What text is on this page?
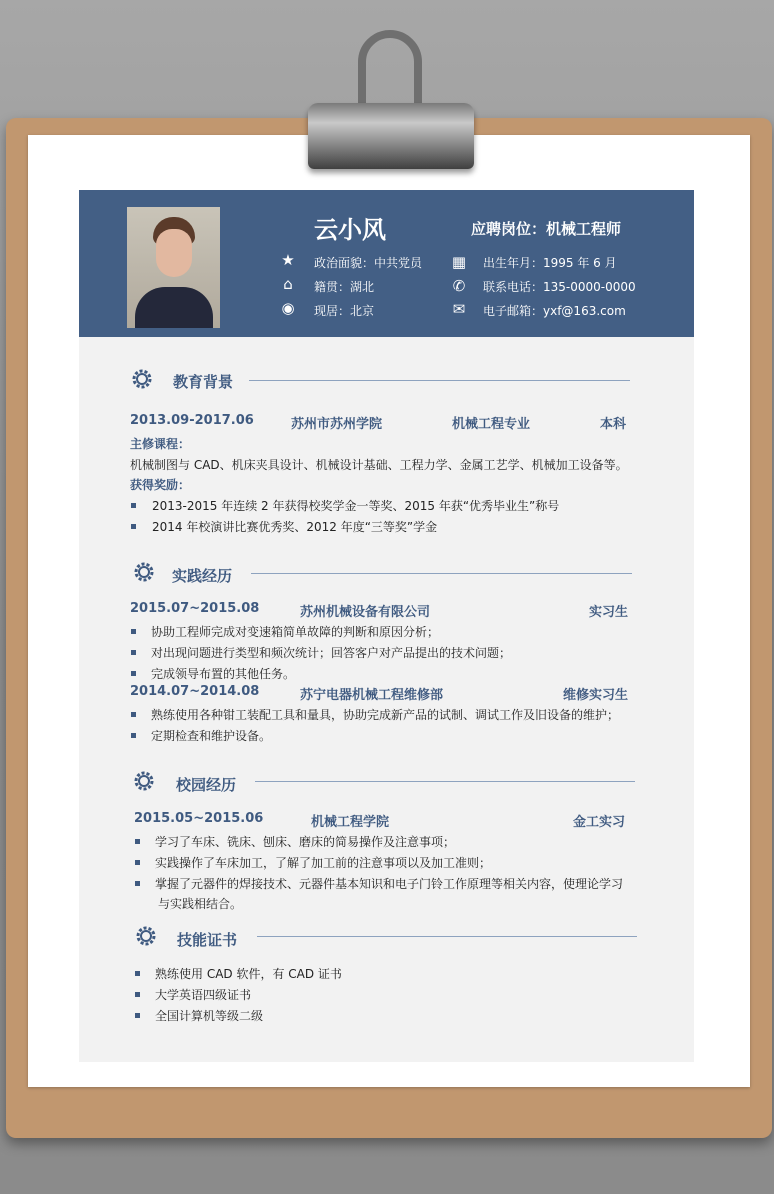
云小风	应聘岗位：机械工程师
★ 政治面貌：中共党员
⌂	籍贯：湖北
◉ 现居：北京
▦ 出生年月：1995 年 6 月
✆ 联系电话：135-0000-0000
✉ 电子邮箱：yxf@163.com
教育背景
2013.09-2017.06	苏州市苏州学院	机械工程专业	本科
主修课程：
机械制图与 CAD、机床夹具设计、机械设计基础、工程力学、金属工艺学、机械加工设备等。
获得奖励：
2013-2015 年连续 2 年获得校奖学金一等奖、2015 年获“优秀毕业生”称号
2014 年校演讲比赛优秀奖、2012 年度“三等奖”学金
实践经历
2015.07~2015.08	苏州机械设备有限公司	实习生
协助工程师完成对变速箱简单故障的判断和原因分析；
对出现问题进行类型和频次统计；回答客户对产品提出的技术问题；
完成领导布置的其他任务。
2014.07~2014.08	苏宁电器机械工程维修部	维修实习生
熟练使用各种钳工装配工具和量具，协助完成新产品的试制、调试工作及旧设备的维护；
定期检查和维护设备。
校园经历
2015.05~2015.06	机械工程学院	金工实习
学习了车床、铣床、刨床、磨床的简易操作及注意事项；
实践操作了车床加工，了解了加工前的注意事项以及加工准则；
掌握了元器件的焊接技术、元器件基本知识和电子门铃工作原理等相关内容，使理论学习
与实践相结合。
技能证书
熟练使用 CAD 软件，有 CAD 证书
大学英语四级证书
全国计算机等级二级
